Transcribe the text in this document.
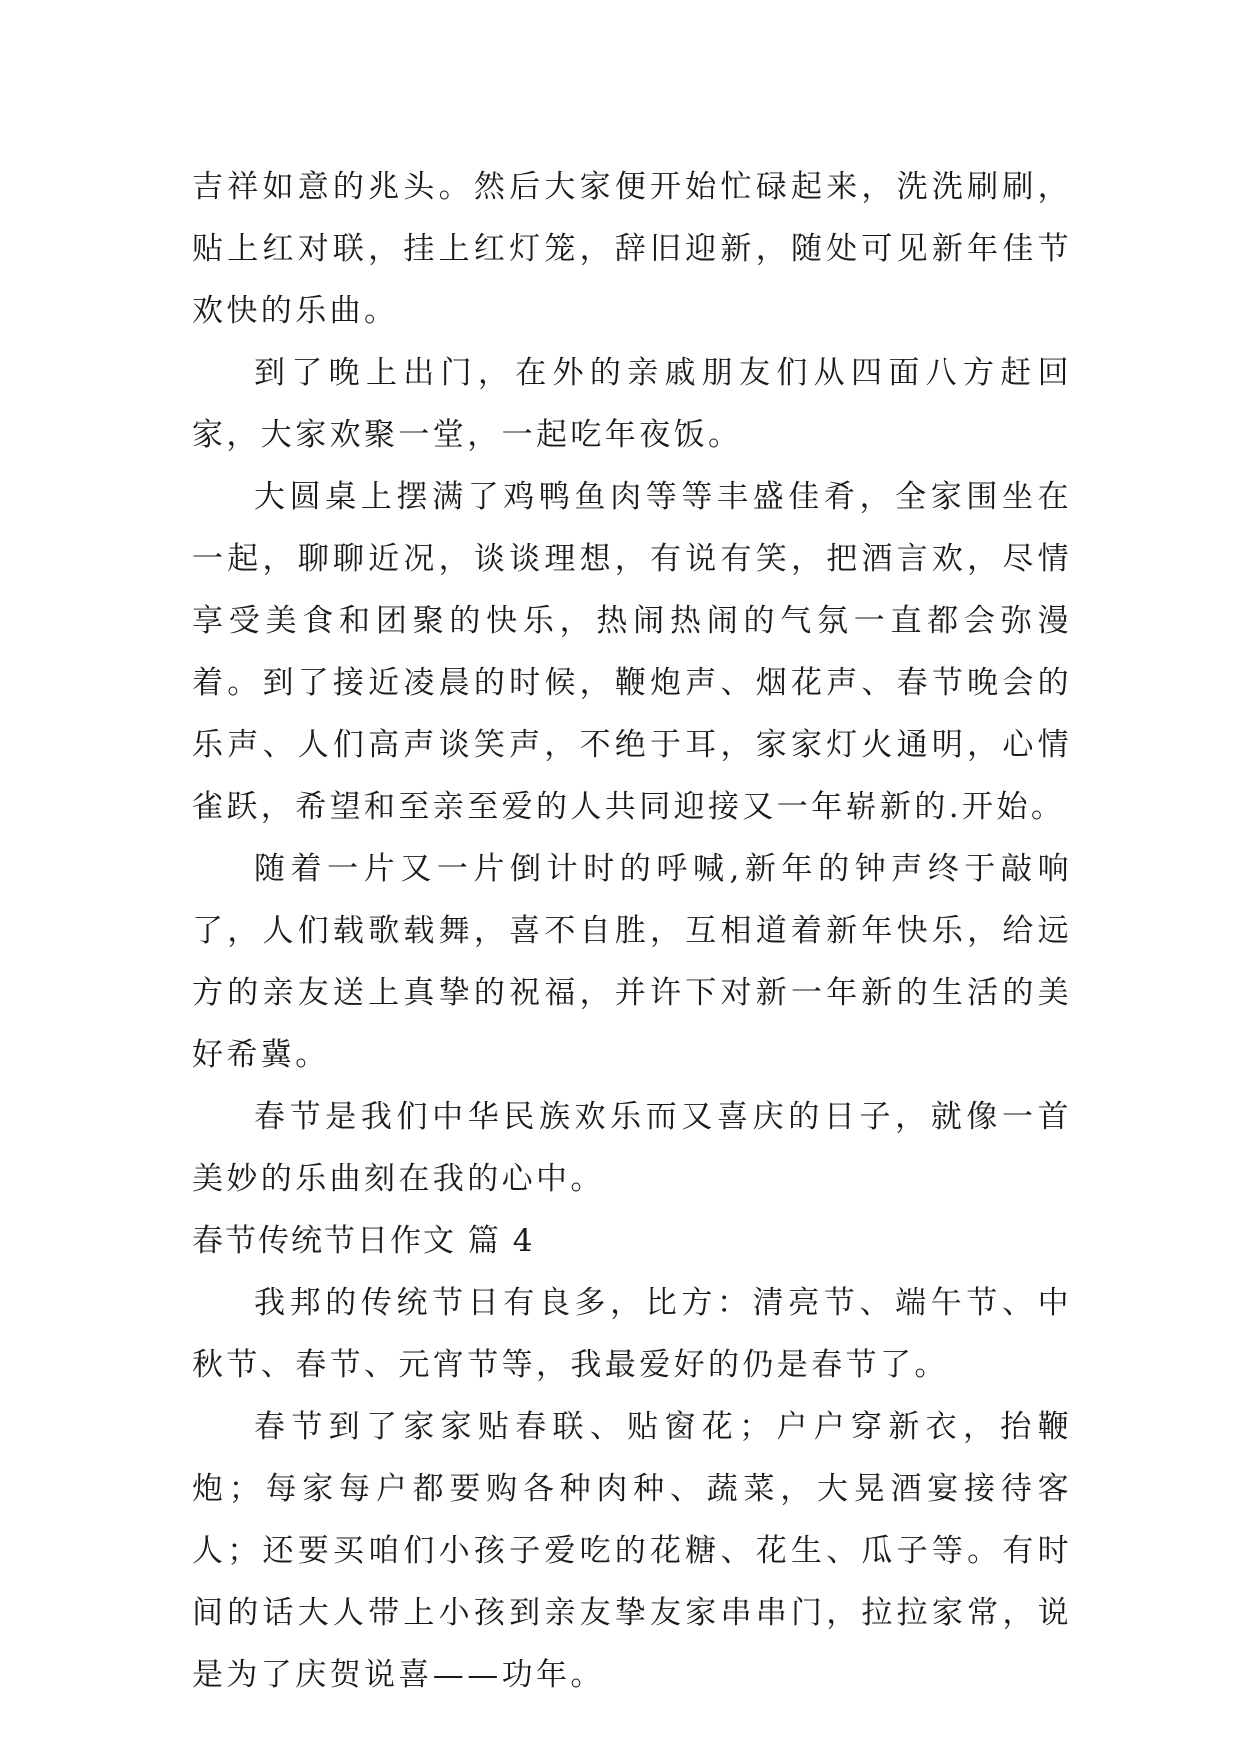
吉祥如意的兆头。然后大家便开始忙碌起来，洗洗刷刷，贴上红对联，挂上红灯笼，辞旧迎新，随处可见新年佳节欢快的乐曲。

到了晚上出门，在外的亲戚朋友们从四面八方赶回家，大家欢聚一堂，一起吃年夜饭。

大圆桌上摆满了鸡鸭鱼肉等等丰盛佳肴，全家围坐在一起，聊聊近况，谈谈理想，有说有笑，把酒言欢，尽情享受美食和团聚的快乐，热闹热闹的气氛一直都会弥漫着。到了接近凌晨的时候，鞭炮声、烟花声、春节晚会的乐声、人们高声谈笑声，不绝于耳，家家灯火通明，心情雀跃，希望和至亲至爱的人共同迎接又一年崭新的.开始。

随着一片又一片倒计时的呼喊,新年的钟声终于敲响了，人们载歌载舞，喜不自胜，互相道着新年快乐，给远方的亲友送上真挚的祝福，并许下对新一年新的生活的美好希冀。

春节是我们中华民族欢乐而又喜庆的日子，就像一首美妙的乐曲刻在我的心中。

春节传统节日作文 篇 4

我邦的传统节日有良多，比方：清亮节、端午节、中秋节、春节、元宵节等，我最爱好的仍是春节了。

春节到了家家贴春联、贴窗花；户户穿新衣，抬鞭炮；每家每户都要购各种肉种、蔬菜，大晃酒宴接待客人；还要买咱们小孩子爱吃的花糖、花生、瓜子等。有时间的话大人带上小孩到亲友挚友家串串门，拉拉家常，说是为了庆贺说喜——功年。
